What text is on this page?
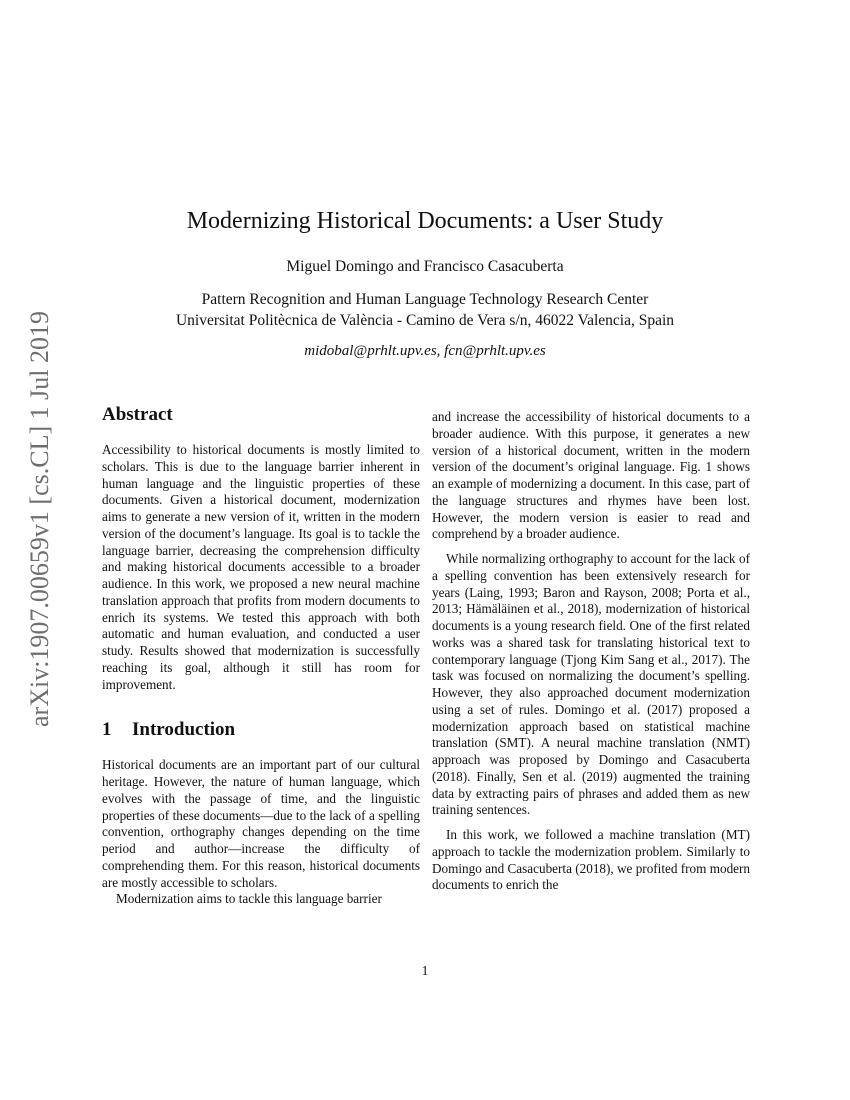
arXiv:1907.00659v1 [cs.CL] 1 Jul 2019
Modernizing Historical Documents: a User Study
Miguel Domingo and Francisco Casacuberta
Pattern Recognition and Human Language Technology Research Center
Universitat Politècnica de València - Camino de Vera s/n, 46022 Valencia, Spain
midobal@prhlt.upv.es, fcn@prhlt.upv.es
Abstract

Accessibility to historical documents is mostly limited to scholars. This is due to the language barrier inherent in human language and the linguistic properties of these documents. Given a historical document, modernization aims to generate a new version of it, written in the modern version of the document’s language. Its goal is to tackle the language barrier, decreasing the comprehension difficulty and making historical documents accessible to a broader audience. In this work, we proposed a new neural machine translation approach that profits from modern documents to enrich its systems. We tested this approach with both automatic and human evaluation, and conducted a user study. Results showed that modernization is successfully reaching its goal, although it still has room for improvement.

1 Introduction

Historical documents are an important part of our cultural heritage. However, the nature of human language, which evolves with the passage of time, and the linguistic properties of these documents—due to the lack of a spelling convention, orthography changes depending on the time period and author—increase the difficulty of comprehending them. For this reason, historical documents are mostly accessible to scholars.

Modernization aims to tackle this language barrier

and increase the accessibility of historical documents to a broader audience. With this purpose, it generates a new version of a historical document, written in the modern version of the document’s original language. Fig. 1 shows an example of modernizing a document. In this case, part of the language structures and rhymes have been lost. However, the modern version is easier to read and comprehend by a broader audience.

While normalizing orthography to account for the lack of a spelling convention has been extensively research for years (Laing, 1993; Baron and Rayson, 2008; Porta et al., 2013; Hämäläinen et al., 2018), modernization of historical documents is a young research field. One of the first related works was a shared task for translating historical text to contemporary language (Tjong Kim Sang et al., 2017). The task was focused on normalizing the document’s spelling. However, they also approached document modernization using a set of rules. Domingo et al. (2017) proposed a modernization approach based on statistical machine translation (SMT). A neural machine translation (NMT) approach was proposed by Domingo and Casacuberta (2018). Finally, Sen et al. (2019) augmented the training data by extracting pairs of phrases and added them as new training sentences.

In this work, we followed a machine translation (MT) approach to tackle the modernization problem. Similarly to Domingo and Casacuberta (2018), we profited from modern documents to enrich the

1
